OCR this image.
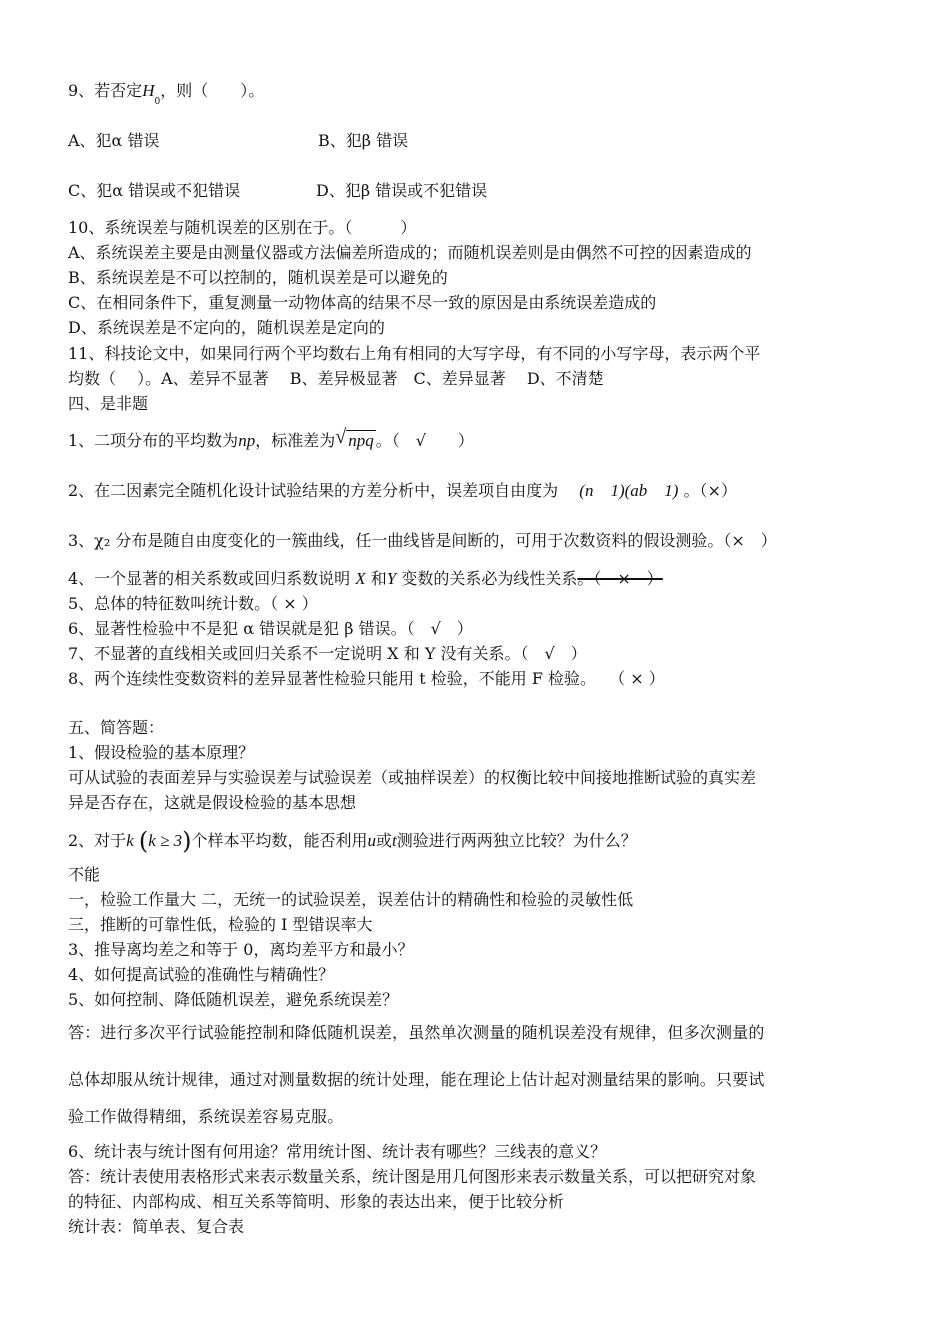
9、若否定$H_0$，则（　　）。
A、犯α 错误	B、犯β 错误
C、犯α 错误或不犯错误	D、犯β 错误或不犯错误
10、系统误差与随机误差的区别在于。（　　　）
A、系统误差主要是由测量仪器或方法偏差所造成的；而随机误差则是由偶然不可控的因素造成的
B、系统误差是不可以控制的，随机误差是可以避免的
C、在相同条件下，重复测量一动物体高的结果不尽一致的原因是由系统误差造成的
D、系统误差是不定向的，随机误差是定向的
11、科技论文中，如果同行两个平均数右上角有相同的大写字母，有不同的小写字母，表示两个平
均数（　 ）。A、差异不显著　 B、差异极显著　C、差异显著　 D、不清楚
四、是非题
1、二项分布的平均数为np，标准差为 √ npq 。（　√　　）
2、在二因素完全随机化设计试验结果的方差分析中，误差项自由度为　 (n　1)(ab　1) 。（×）
3、χ₂ 分布是随自由度变化的一簇曲线，任一曲线皆是间断的，可用于次数资料的假设测验。（×　）
4、一个显著的相关系数或回归系数说明 X 和Y 变数的关系必为线性关系。（　×　）
5、总体的特征数叫统计数。（ × ）
6、显著性检验中不是犯 α 错误就是犯 β 错误。（　√　）
7、不显著的直线相关或回归关系不一定说明 X 和 Y 没有关系。（　√　）
8、两个连续性变数资料的差异显著性检验只能用 t 检验，不能用 F 检验。　 （ × ）
五、简答题：
1、假设检验的基本原理？
可从试验的表面差异与实验误差与试验误差（或抽样误差）的权衡比较中间接地推断试验的真实差
异是否存在，这就是假设检验的基本思想
2、对于k (k ≥ 3)个样本平均数，能否利用u或t测验进行两两独立比较？为什么？
不能
一，检验工作量大 二，无统一的试验误差，误差估计的精确性和检验的灵敏性低
三，推断的可靠性低，检验的 I 型错误率大
3、推导离均差之和等于 0，离均差平方和最小？
4、如何提高试验的准确性与精确性？
5、如何控制、降低随机误差，避免系统误差？
答：进行多次平行试验能控制和降低随机误差，虽然单次测量的随机误差没有规律，但多次测量的
总体却服从统计规律，通过对测量数据的统计处理，能在理论上估计起对测量结果的影响。只要试
验工作做得精细，系统误差容易克服。
6、统计表与统计图有何用途？常用统计图、统计表有哪些？三线表的意义？
答：统计表使用表格形式来表示数量关系，统计图是用几何图形来表示数量关系，可以把研究对象
的特征、内部构成、相互关系等简明、形象的表达出来，便于比较分析
统计表：简单表、复合表
